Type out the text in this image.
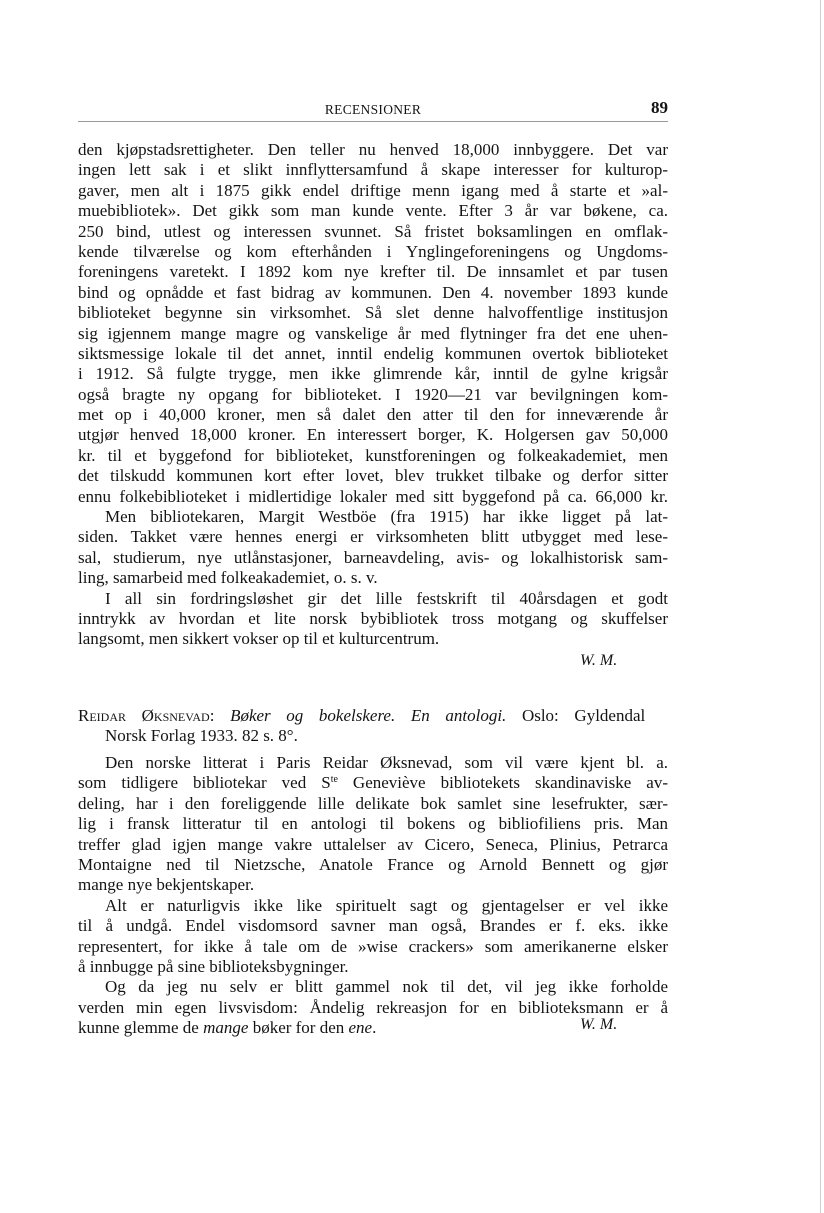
RECENSIONER	89
den kjøpstadsrettigheter. Den teller nu henved 18,000 innbyggere. Det var
ingen lett sak i et slikt innflyttersamfund å skape interesser for kulturop-
gaver, men alt i 1875 gikk endel driftige menn igang med å starte et »al-
muebibliotek». Det gikk som man kunde vente. Efter 3 år var bøkene, ca.
250 bind, utlest og interessen svunnet. Så fristet boksamlingen en omflak-
kende tilværelse og kom efterhånden i Ynglingeforeningens og Ungdoms-
foreningens varetekt. I 1892 kom nye krefter til. De innsamlet et par tusen
bind og opnådde et fast bidrag av kommunen. Den 4. november 1893 kunde
biblioteket begynne sin virksomhet. Så slet denne halvoffentlige institusjon
sig igjennem mange magre og vanskelige år med flytninger fra det ene uhen-
siktsmessige lokale til det annet, inntil endelig kommunen overtok biblioteket
i 1912. Så fulgte trygge, men ikke glimrende kår, inntil de gylne krigsår
også bragte ny opgang for biblioteket. I 1920—21 var bevilgningen kom-
met op i 40,000 kroner, men så dalet den atter til den for inneværende år
utgjør henved 18,000 kroner. En interessert borger, K. Holgersen gav 50,000
kr. til et byggefond for biblioteket, kunstforeningen og folkeakademiet, men
det tilskudd kommunen kort efter lovet, blev trukket tilbake og derfor sitter
ennu folkebiblioteket i midlertidige lokaler med sitt byggefond på ca. 66,000 kr.
Men bibliotekaren, Margit Westböe (fra 1915) har ikke ligget på lat-
siden. Takket være hennes energi er virksomheten blitt utbygget med lese-
sal, studierum, nye utlånstasjoner, barneavdeling, avis- og lokalhistorisk sam-
ling, samarbeid med folkeakademiet, o. s. v.
I all sin fordringsløshet gir det lille festskrift til 40årsdagen et godt
inntrykk av hvordan et lite norsk bybibliotek tross motgang og skuffelser
langsomt, men sikkert vokser op til et kulturcentrum.
W. M.
Reidar Øksnevad: Bøker og bokelskere. En antologi. Oslo: Gyldendal
Norsk Forlag 1933. 82 s. 8°.
Den norske litterat i Paris Reidar Øksnevad, som vil være kjent bl. a.
som tidligere bibliotekar ved $S^{te}$ Geneviève bibliotekets skandinaviske av-
deling, har i den foreliggende lille delikate bok samlet sine lesefrukter, sær-
lig i fransk litteratur til en antologi til bokens og bibliofiliens pris. Man
treffer glad igjen mange vakre uttalelser av Cicero, Seneca, Plinius, Petrarca
Montaigne ned til Nietzsche, Anatole France og Arnold Bennett og gjør
mange nye bekjentskaper.
Alt er naturligvis ikke like spirituelt sagt og gjentagelser er vel ikke
til å undgå. Endel visdomsord savner man også, Brandes er f. eks. ikke
representert, for ikke å tale om de »wise crackers» som amerikanerne elsker
å innbugge på sine biblioteksbygninger.
Og da jeg nu selv er blitt gammel nok til det, vil jeg ikke forholde
verden min egen livsvisdom: Åndelig rekreasjon for en biblioteksmann er å
kunne glemme de mange bøker for den ene.	W. M.
